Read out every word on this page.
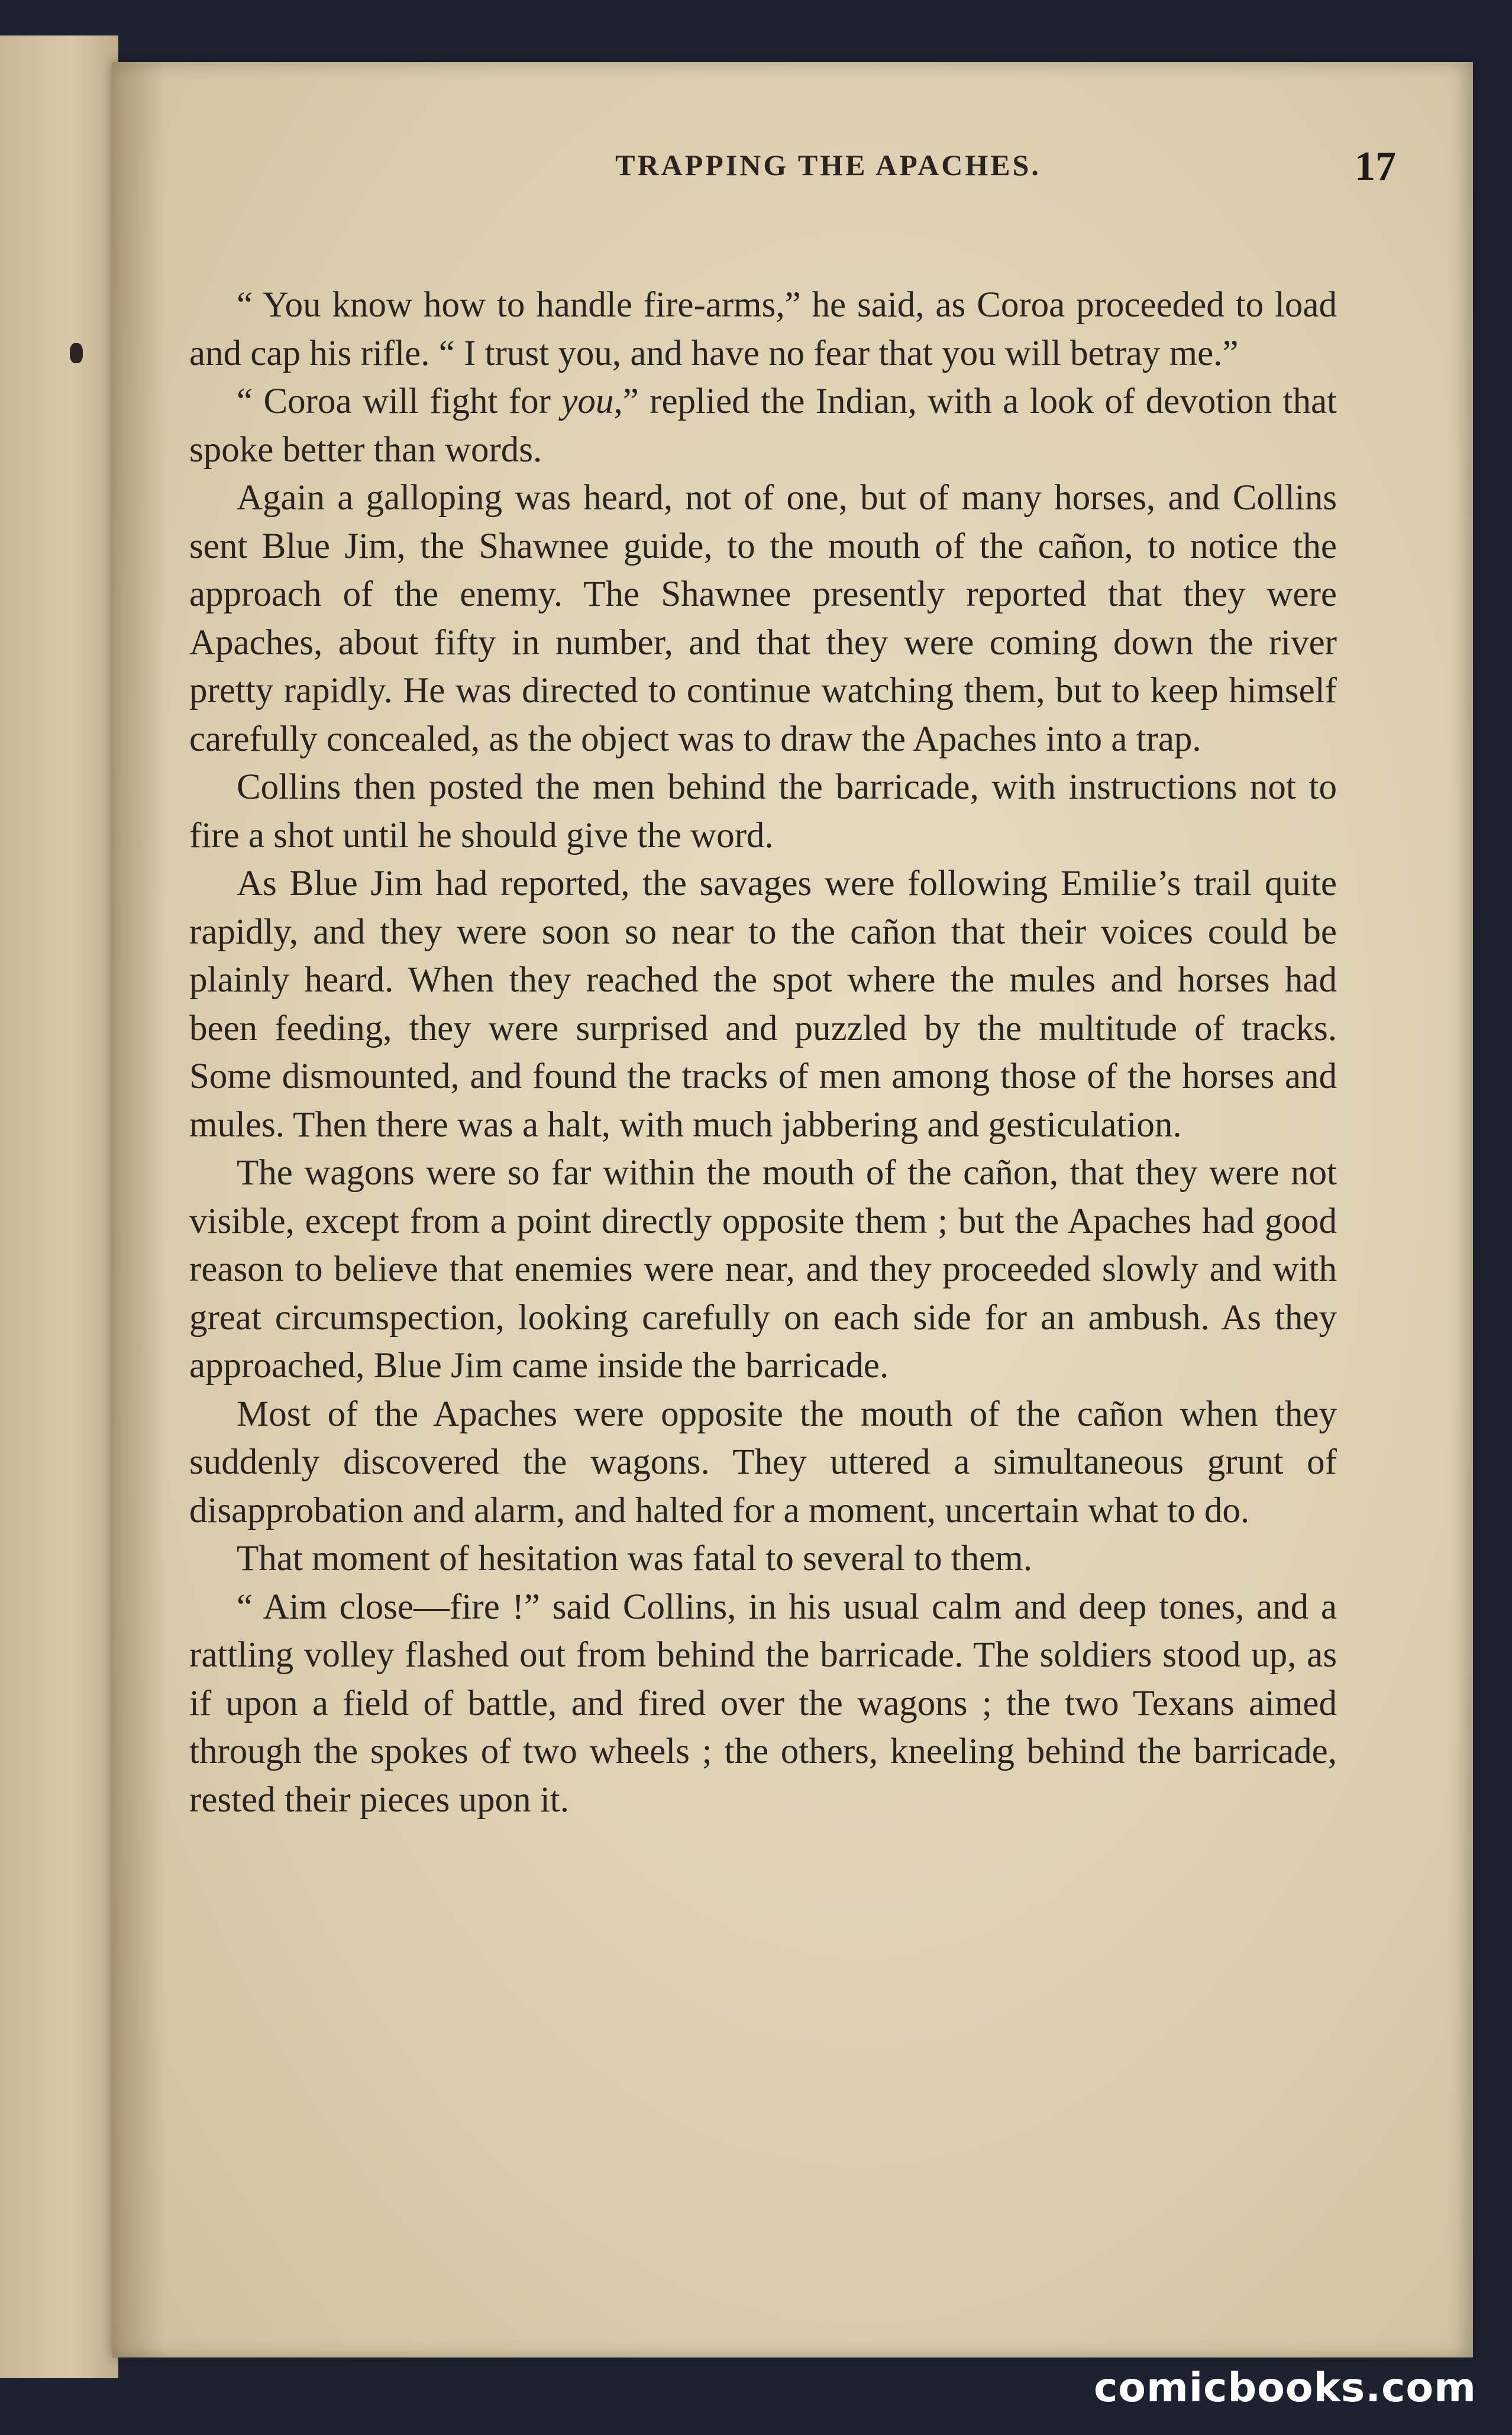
TRAPPING THE APACHES.	17

“ You know how to handle fire-arms,” he said, as Coroa proceeded to load and cap his rifle. “ I trust you, and have no fear that you will betray me.”

“ Coroa will fight for you,” replied the Indian, with a look of devotion that spoke better than words.

Again a galloping was heard, not of one, but of many horses, and Collins sent Blue Jim, the Shawnee guide, to the mouth of the cañon, to notice the approach of the enemy. The Shawnee presently reported that they were Apaches, about fifty in number, and that they were coming down the river pretty rapidly. He was directed to continue watching them, but to keep himself carefully concealed, as the object was to draw the Apaches into a trap.

Collins then posted the men behind the barricade, with instructions not to fire a shot until he should give the word.

As Blue Jim had reported, the savages were following Emilie’s trail quite rapidly, and they were soon so near to the cañon that their voices could be plainly heard. When they reached the spot where the mules and horses had been feeding, they were surprised and puzzled by the multitude of tracks. Some dismounted, and found the tracks of men among those of the horses and mules. Then there was a halt, with much jabbering and gesticulation.

The wagons were so far within the mouth of the cañon, that they were not visible, except from a point directly opposite them ; but the Apaches had good reason to believe that enemies were near, and they proceeded slowly and with great circumspection, looking carefully on each side for an ambush. As they approached, Blue Jim came inside the barricade.

Most of the Apaches were opposite the mouth of the cañon when they suddenly discovered the wagons. They uttered a simultaneous grunt of disapprobation and alarm, and halted for a moment, uncertain what to do.

That moment of hesitation was fatal to several to them.

“ Aim close—fire !” said Collins, in his usual calm and deep tones, and a rattling volley flashed out from behind the barricade. The soldiers stood up, as if upon a field of battle, and fired over the wagons ; the two Texans aimed through the spokes of two wheels ; the others, kneeling behind the barricade, rested their pieces upon it.

comicbooks.com
